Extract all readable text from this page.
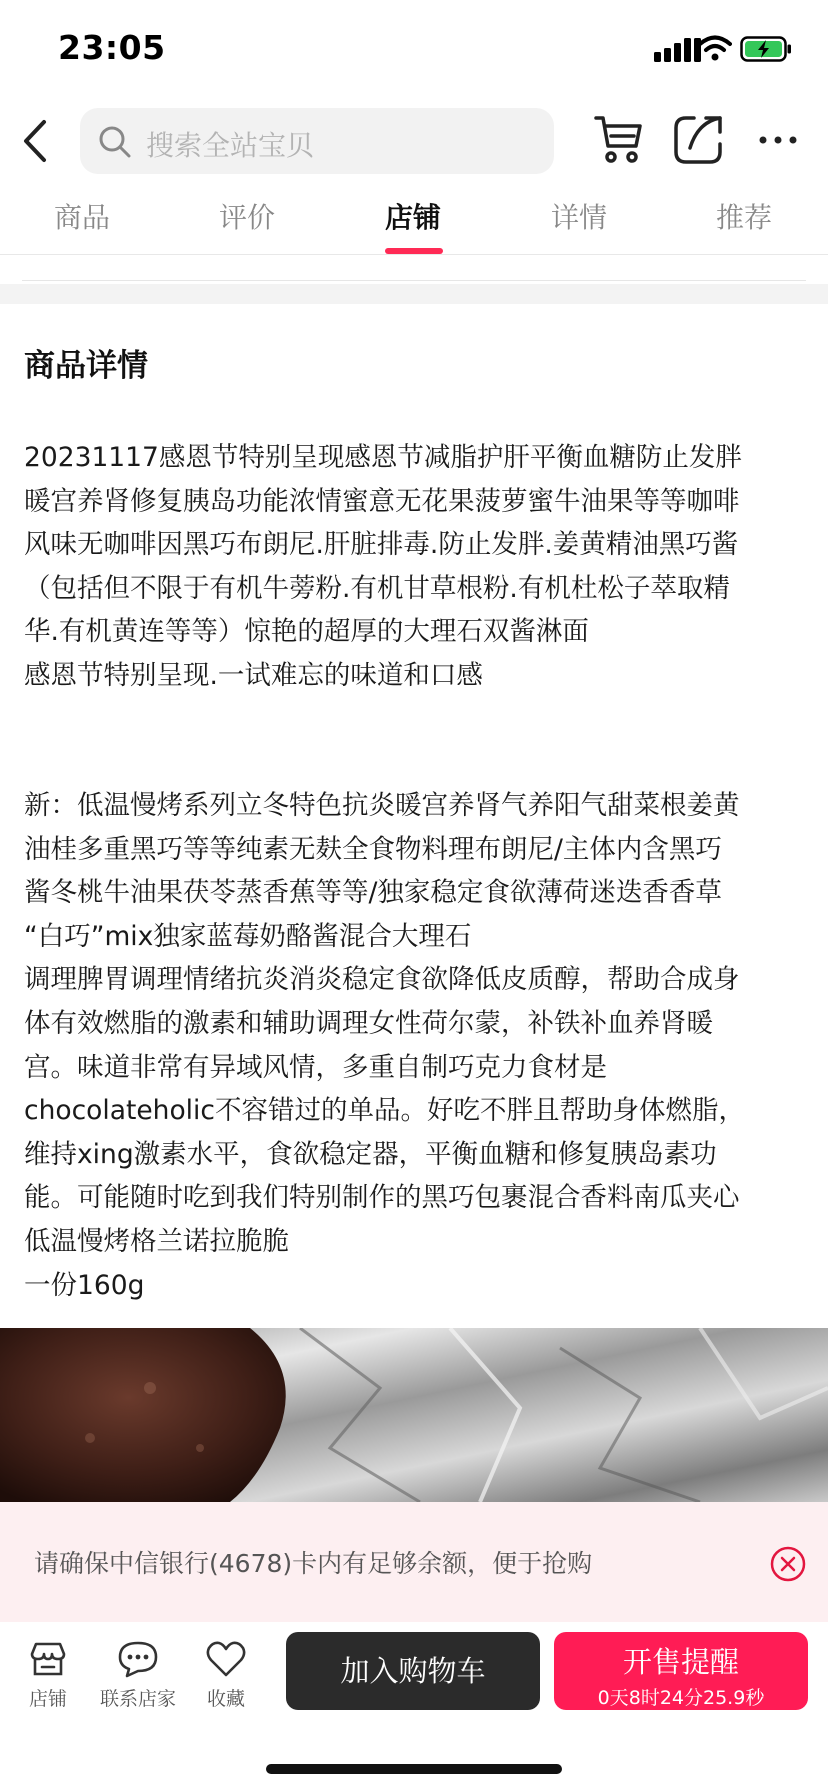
23:05
搜索全站宝贝
商品	评价	店铺	详情	推荐
商品详情

20231117感恩节特别呈现感恩节减脂护肝平衡血糖防止发胖

暖宫养肾修复胰岛功能浓情蜜意无花果菠萝蜜牛油果等等咖啡

风味无咖啡因黑巧布朗尼.肝脏排毒.防止发胖.姜黄精油黑巧酱

（包括但不限于有机牛蒡粉.有机甘草根粉.有机杜松子萃取精

华.有机黄连等等）惊艳的超厚的大理石双酱淋面

感恩节特别呈现.一试难忘的味道和口感

新：低温慢烤系列立冬特色抗炎暖宫养肾气养阳气甜菜根姜黄

油桂多重黑巧等等纯素无麸全食物料理布朗尼/主体内含黑巧

酱冬桃牛油果茯苓蒸香蕉等等/独家稳定食欲薄荷迷迭香香草

“白巧”mix独家蓝莓奶酪酱混合大理石

调理脾胃调理情绪抗炎消炎稳定食欲降低皮质醇，帮助合成身

体有效燃脂的激素和辅助调理女性荷尔蒙，补铁补血养肾暖

宫。味道非常有异域风情，多重自制巧克力食材是

chocolateholic不容错过的单品。好吃不胖且帮助身体燃脂，

维持xing激素水平，食欲稳定器，平衡血糖和修复胰岛素功

能。可能随时吃到我们特别制作的黑巧包裹混合香料南瓜夹心

低温慢烤格兰诺拉脆脆

一份160g

请确保中信银行(4678)卡内有足够余额，便于抢购
店铺 联系店家 收藏
加入购物车	开售提醒
0天8时24分25.9秒
